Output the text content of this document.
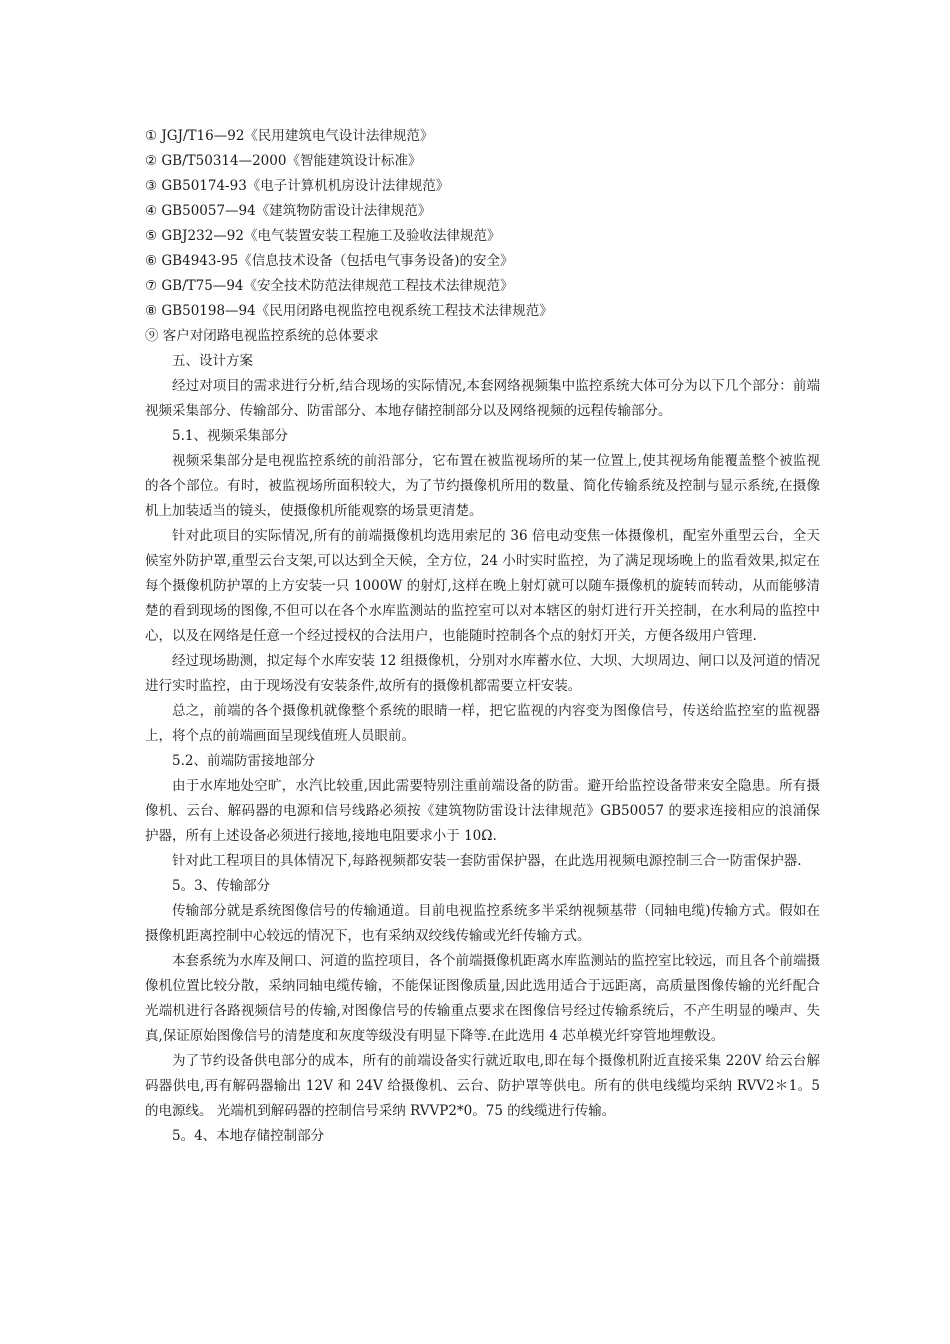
① JGJ/T16—92《民用建筑电气设计法律规范》
② GB/T50314—2000《智能建筑设计标准》
③ GB50174-93《电子计算机机房设计法律规范》
④ GB50057—94《建筑物防雷设计法律规范》
⑤ GBJ232—92《电气装置安装工程施工及验收法律规范》
⑥ GB4943-95《信息技术设备（包括电气事务设备)的安全》
⑦ GB/T75—94《安全技术防范法律规范工程技术法律规范》
⑧ GB50198—94《民用闭路电视监控电视系统工程技术法律规范》
⑨ 客户对闭路电视监控系统的总体要求

五、设计方案

经过对项目的需求进行分析,结合现场的实际情况,本套网络视频集中监控系统大体可分为以下几个部分：前端视频采集部分、传输部分、防雷部分、本地存储控制部分以及网络视频的远程传输部分。

5.1、视频采集部分

视频采集部分是电视监控系统的前沿部分，它布置在被监视场所的某一位置上,使其视场角能覆盖整个被监视的各个部位。有时，被监视场所面积较大，为了节约摄像机所用的数量、简化传输系统及控制与显示系统,在摄像机上加装适当的镜头，使摄像机所能观察的场景更清楚。

针对此项目的实际情况,所有的前端摄像机均选用索尼的 36 倍电动变焦一体摄像机，配室外重型云台，全天候室外防护罩,重型云台支架,可以达到全天候，全方位，24 小时实时监控，为了满足现场晚上的监看效果,拟定在每个摄像机防护罩的上方安装一只 1000W 的射灯,这样在晚上射灯就可以随车摄像机的旋转而转动，从而能够清楚的看到现场的图像,不但可以在各个水库监测站的监控室可以对本辖区的射灯进行开关控制，在水利局的监控中心，以及在网络是任意一个经过授权的合法用户，也能随时控制各个点的射灯开关，方便各级用户管理.

经过现场勘测，拟定每个水库安装 12 组摄像机，分别对水库蓄水位、大坝、大坝周边、闸口以及河道的情况进行实时监控，由于现场没有安装条件,故所有的摄像机都需要立杆安装。

总之，前端的各个摄像机就像整个系统的眼睛一样，把它监视的内容变为图像信号，传送给监控室的监视器上，将个点的前端画面呈现线值班人员眼前。

5.2、前端防雷接地部分

由于水库地处空旷，水汽比较重,因此需要特别注重前端设备的防雷。避开给监控设备带来安全隐患。所有摄像机、云台、解码器的电源和信号线路必须按《建筑物防雷设计法律规范》GB50057 的要求连接相应的浪涌保护器，所有上述设备必须进行接地,接地电阻要求小于 10Ω.

针对此工程项目的具体情况下,每路视频都安装一套防雷保护器，在此选用视频电源控制三合一防雷保护器.

5。3、传输部分

传输部分就是系统图像信号的传输通道。目前电视监控系统多半采纳视频基带（同轴电缆)传输方式。假如在摄像机距离控制中心较远的情况下，也有采纳双绞线传输或光纤传输方式。

本套系统为水库及闸口、河道的监控项目，各个前端摄像机距离水库监测站的监控室比较远，而且各个前端摄像机位置比较分散，采纳同轴电缆传输，不能保证图像质量,因此选用适合于远距离，高质量图像传输的光纤配合光端机进行各路视频信号的传输,对图像信号的传输重点要求在图像信号经过传输系统后，不产生明显的噪声、失真,保证原始图像信号的清楚度和灰度等级没有明显下降等.在此选用 4 芯单模光纤穿管地埋敷设。

为了节约设备供电部分的成本，所有的前端设备实行就近取电,即在每个摄像机附近直接采集 220V 给云台解码器供电,再有解码器输出 12V 和 24V 给摄像机、云台、防护罩等供电。所有的供电线缆均采纳 RVV2＊1。5 的电源线。 光端机到解码器的控制信号采纳 RVVP2*0。75 的线缆进行传输。

5。4、本地存储控制部分
